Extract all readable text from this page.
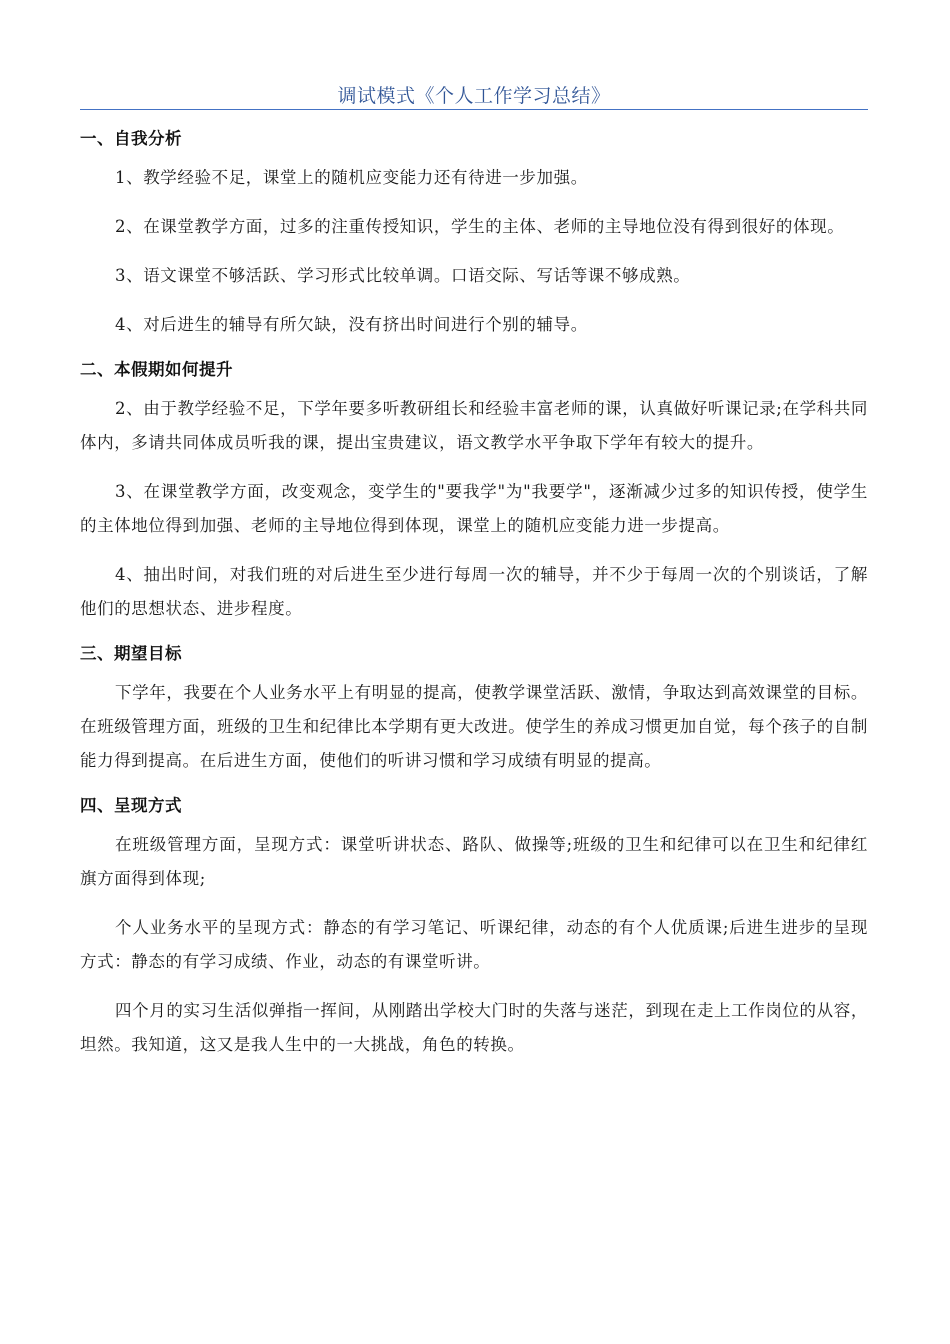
调试模式《个人工作学习总结》
一、自我分析

1、教学经验不足，课堂上的随机应变能力还有待进一步加强。

2、在课堂教学方面，过多的注重传授知识，学生的主体、老师的主导地位没有得到很好的体现。

3、语文课堂不够活跃、学习形式比较单调。口语交际、写话等课不够成熟。

4、对后进生的辅导有所欠缺，没有挤出时间进行个别的辅导。

二、本假期如何提升

2、由于教学经验不足，下学年要多听教研组长和经验丰富老师的课，认真做好听课记录;在学科共同体内，多请共同体成员听我的课，提出宝贵建议，语文教学水平争取下学年有较大的提升。

3、在课堂教学方面，改变观念，变学生的"要我学"为"我要学"，逐渐减少过多的知识传授，使学生的主体地位得到加强、老师的主导地位得到体现，课堂上的随机应变能力进一步提高。

4、抽出时间，对我们班的对后进生至少进行每周一次的辅导，并不少于每周一次的个别谈话，了解他们的思想状态、进步程度。

三、期望目标

下学年，我要在个人业务水平上有明显的提高，使教学课堂活跃、激情，争取达到高效课堂的目标。在班级管理方面，班级的卫生和纪律比本学期有更大改进。使学生的养成习惯更加自觉，每个孩子的自制能力得到提高。在后进生方面，使他们的听讲习惯和学习成绩有明显的提高。

四、呈现方式

在班级管理方面，呈现方式：课堂听讲状态、路队、做操等;班级的卫生和纪律可以在卫生和纪律红旗方面得到体现;

个人业务水平的呈现方式：静态的有学习笔记、听课纪律，动态的有个人优质课;后进生进步的呈现方式：静态的有学习成绩、作业，动态的有课堂听讲。

四个月的实习生活似弹指一挥间，从刚踏出学校大门时的失落与迷茫，到现在走上工作岗位的从容，坦然。我知道，这又是我人生中的一大挑战，角色的转换。
